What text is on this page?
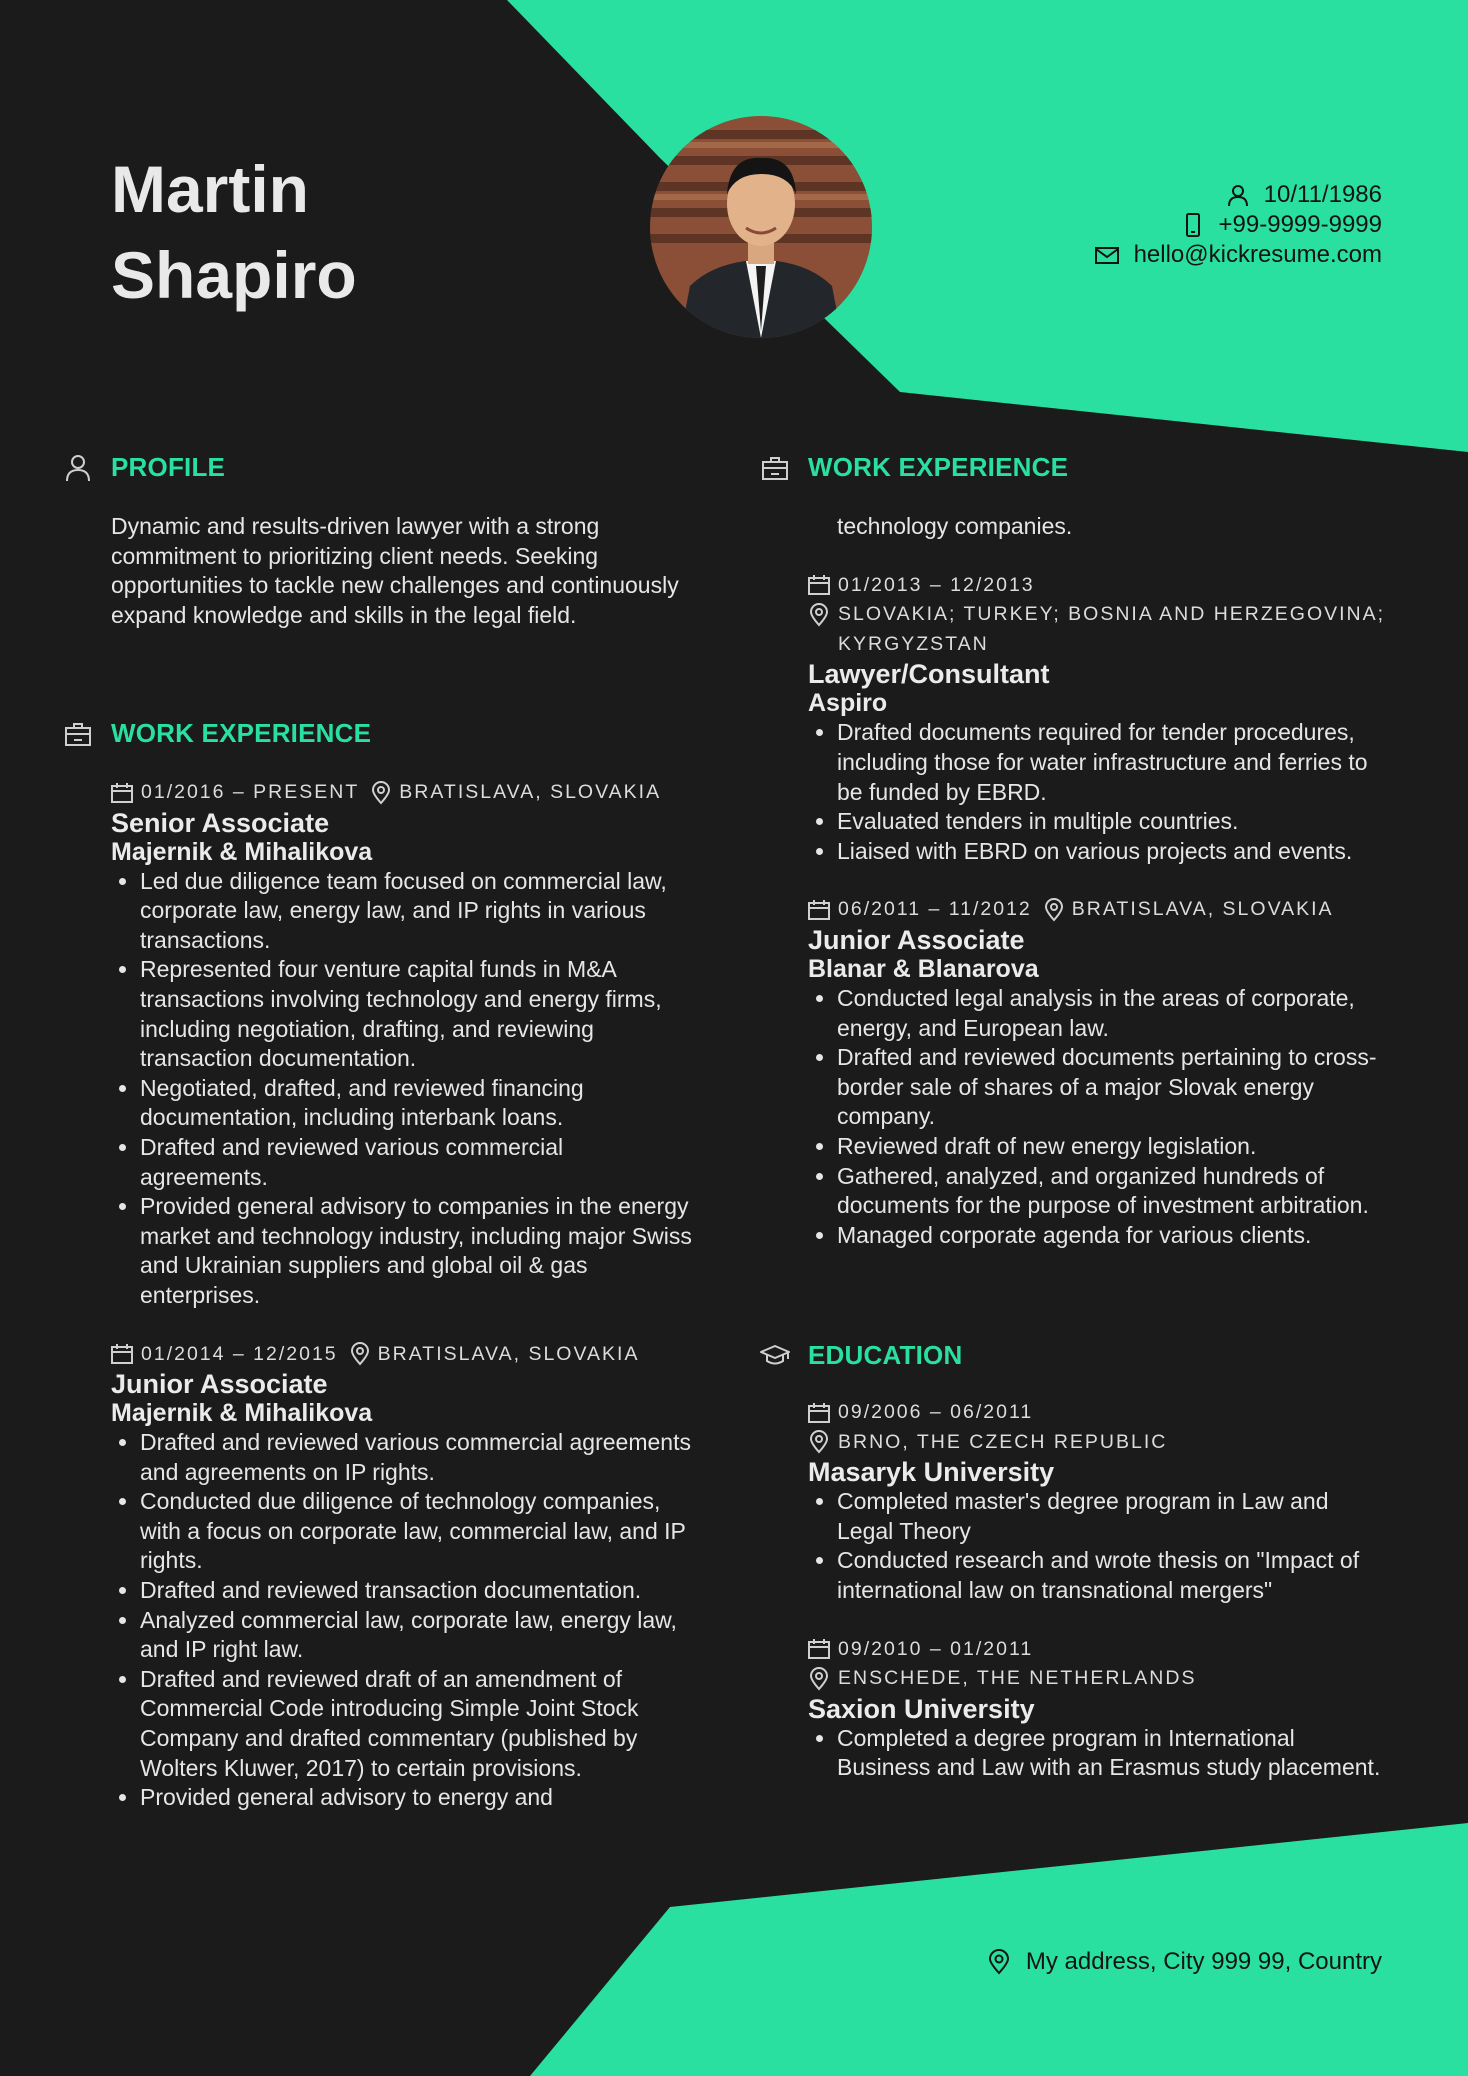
Martin
Shapiro
10/11/1986
+99-9999-9999
hello@kickresume.com
PROFILE

Dynamic and results-driven lawyer with a strong commitment to prioritizing client needs. Seeking opportunities to tackle new challenges and continuously expand knowledge and skills in the legal field.

WORK EXPERIENCE
01/2016 – PRESENT BRATISLAVA, SLOVAKIA
Senior Associate
Majernik & Mihalikova
• Led due diligence team focused on commercial law, corporate law, energy law, and IP rights in various transactions.
• Represented four venture capital funds in M&A transactions involving technology and energy firms, including negotiation, drafting, and reviewing transaction documentation.
• Negotiated, drafted, and reviewed financing documentation, including interbank loans.
• Drafted and reviewed various commercial agreements.
• Provided general advisory to companies in the energy market and technology industry, including major Swiss and Ukrainian suppliers and global oil & gas enterprises.
01/2014 – 12/2015 BRATISLAVA, SLOVAKIA
Junior Associate
Majernik & Mihalikova
• Drafted and reviewed various commercial agreements and agreements on IP rights.
• Conducted due diligence of technology companies, with a focus on corporate law, commercial law, and IP rights.
• Drafted and reviewed transaction documentation.
• Analyzed commercial law, corporate law, energy law, and IP right law.
• Drafted and reviewed draft of an amendment of Commercial Code introducing Simple Joint Stock Company and drafted commentary (published by Wolters Kluwer, 2017) to certain provisions.
• Provided general advisory to energy and
WORK EXPERIENCE

technology companies.

01/2013 – 12/2013
SLOVAKIA; TURKEY; BOSNIA AND HERZEGOVINA;
KYRGYZSTAN
Lawyer/Consultant
Aspiro
• Drafted documents required for tender procedures, including those for water infrastructure and ferries to be funded by EBRD.
• Evaluated tenders in multiple countries.
• Liaised with EBRD on various projects and events.
06/2011 – 11/2012 BRATISLAVA, SLOVAKIA
Junior Associate
Blanar & Blanarova
• Conducted legal analysis in the areas of corporate, energy, and European law.
• Drafted and reviewed documents pertaining to cross-border sale of shares of a major Slovak energy company.
• Reviewed draft of new energy legislation.
• Gathered, analyzed, and organized hundreds of documents for the purpose of investment arbitration.
• Managed corporate agenda for various clients.
EDUCATION
09/2006 – 06/2011
BRNO, THE CZECH REPUBLIC
Masaryk University
• Completed master's degree program in Law and Legal Theory
• Conducted research and wrote thesis on "Impact of international law on transnational mergers"
09/2010 – 01/2011
ENSCHEDE, THE NETHERLANDS
Saxion University
• Completed a degree program in International Business and Law with an Erasmus study placement.
My address, City 999 99, Country
